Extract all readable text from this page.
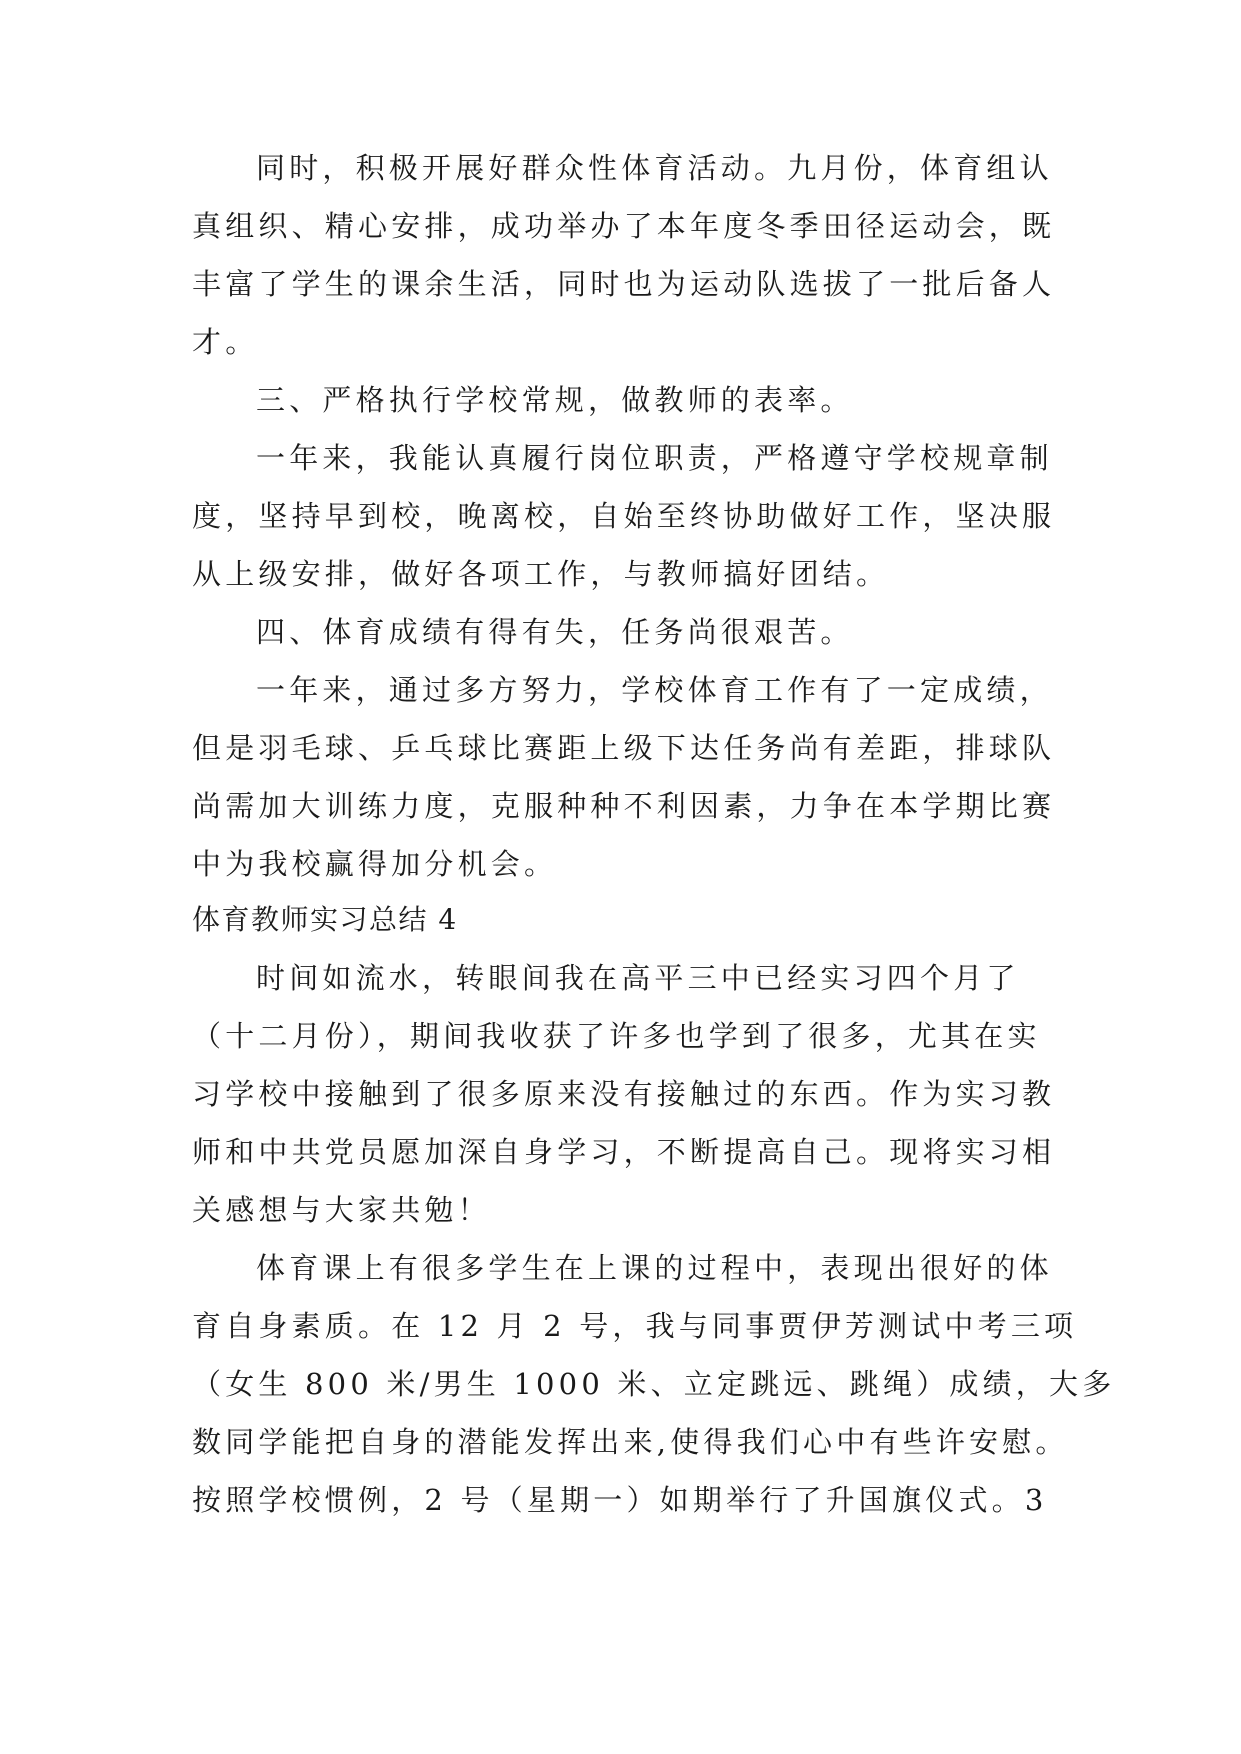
同时，积极开展好群众性体育活动。九月份，体育组认
真组织、精心安排，成功举办了本年度冬季田径运动会，既
丰富了学生的课余生活，同时也为运动队选拔了一批后备人
才。
三、严格执行学校常规，做教师的表率。
一年来，我能认真履行岗位职责，严格遵守学校规章制
度，坚持早到校，晚离校，自始至终协助做好工作，坚决服
从上级安排，做好各项工作，与教师搞好团结。
四、体育成绩有得有失，任务尚很艰苦。
一年来，通过多方努力，学校体育工作有了一定成绩，
但是羽毛球、乒乓球比赛距上级下达任务尚有差距，排球队
尚需加大训练力度，克服种种不利因素，力争在本学期比赛
中为我校赢得加分机会。
体育教师实习总结 4
时间如流水，转眼间我在高平三中已经实习四个月了
（十二月份），期间我收获了许多也学到了很多，尤其在实
习学校中接触到了很多原来没有接触过的东西。作为实习教
师和中共党员愿加深自身学习，不断提高自己。现将实习相
关感想与大家共勉！
体育课上有很多学生在上课的过程中，表现出很好的体
育自身素质。在 12 月 2 号，我与同事贾伊芳测试中考三项
（女生 800 米/男生 1000 米、立定跳远、跳绳）成绩，大多
数同学能把自身的潜能发挥出来,使得我们心中有些许安慰。
按照学校惯例，2 号（星期一）如期举行了升国旗仪式。3
